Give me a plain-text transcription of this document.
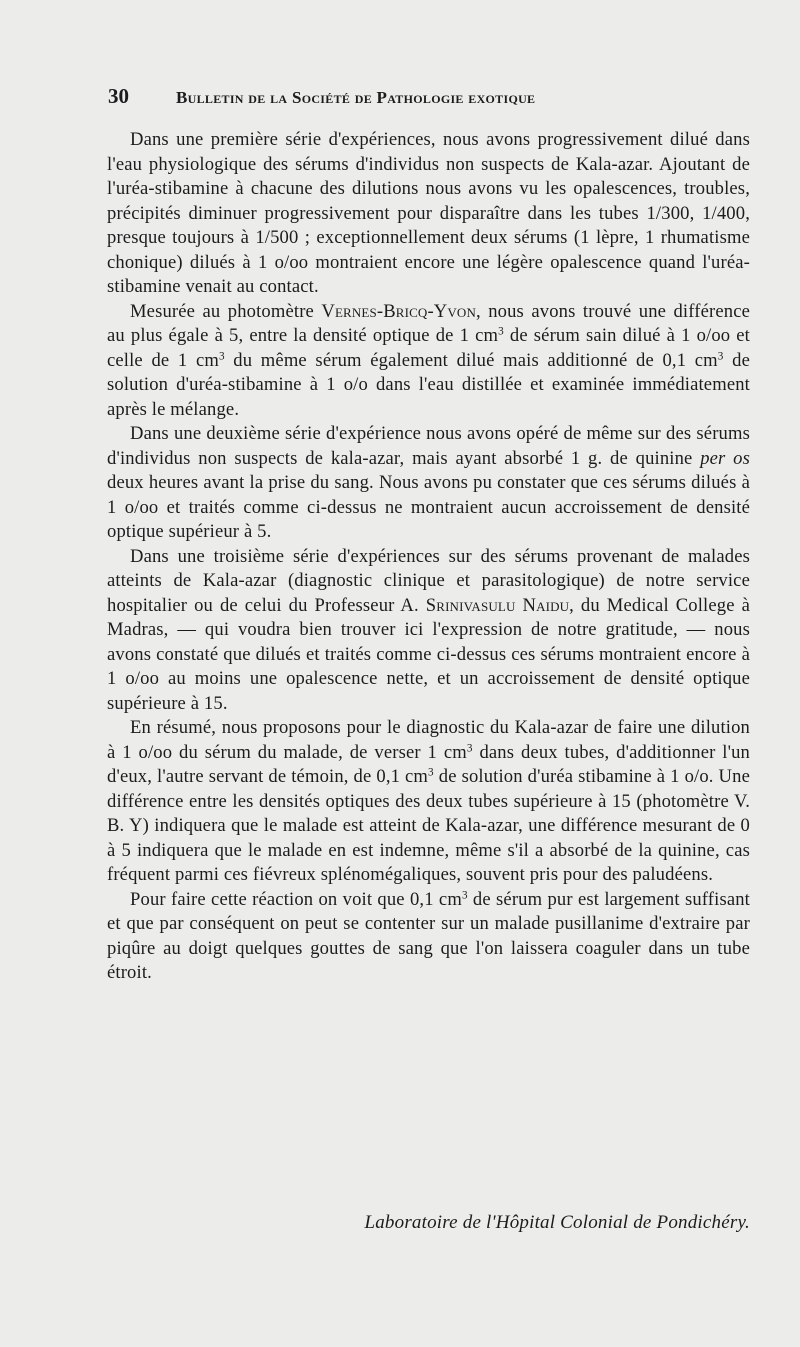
30	Bulletin de la Société de Pathologie exotique

Dans une première série d'expériences, nous avons progressivement dilué dans l'eau physiologique des sérums d'individus non suspects de Kala-azar. Ajoutant de l'uréa-stibamine à chacune des dilutions nous avons vu les opalescences, troubles, précipités diminuer progressivement pour disparaître dans les tubes 1/300, 1/400, presque toujours à 1/500 ; exceptionnellement deux sérums (1 lèpre, 1 rhumatisme chonique) dilués à 1 o/oo montraient encore une légère opalescence quand l'uréa-stibamine venait au contact.

Mesurée au photomètre Vernes-Bricq-Yvon, nous avons trouvé une différence au plus égale à 5, entre la densité optique de 1 $cm^3$ de sérum sain dilué à 1 o/oo et celle de 1 $cm^3$ du même sérum également dilué mais additionné de 0,1 $cm^3$ de solution d'uréa-stibamine à 1 o/o dans l'eau distillée et examinée immédiatement après le mélange.

Dans une deuxième série d'expérience nous avons opéré de même sur des sérums d'individus non suspects de kala-azar, mais ayant absorbé 1 g. de quinine per os deux heures avant la prise du sang. Nous avons pu constater que ces sérums dilués à 1 o/oo et traités comme ci-dessus ne montraient aucun accroissement de densité optique supérieur à 5.

Dans une troisième série d'expériences sur des sérums provenant de malades atteints de Kala-azar (diagnostic clinique et parasitologique) de notre service hospitalier ou de celui du Professeur A. Srinivasulu Naidu, du Medical College à Madras, — qui voudra bien trouver ici l'expression de notre gratitude, — nous avons constaté que dilués et traités comme ci-dessus ces sérums montraient encore à 1 o/oo au moins une opalescence nette, et un accroissement de densité optique supérieure à 15.

En résumé, nous proposons pour le diagnostic du Kala-azar de faire une dilution à 1 o/oo du sérum du malade, de verser 1 $cm^3$ dans deux tubes, d'additionner l'un d'eux, l'autre servant de témoin, de 0,1 $cm^3$ de solution d'uréa stibamine à 1 o/o. Une différence entre les densités optiques des deux tubes supérieure à 15 (photomètre V. B. Y) indiquera que le malade est atteint de Kala-azar, une différence mesurant de 0 à 5 indiquera que le malade en est indemne, même s'il a absorbé de la quinine, cas fréquent parmi ces fiévreux splénomégaliques, souvent pris pour des paludéens.

Pour faire cette réaction on voit que 0,1 $cm^3$ de sérum pur est largement suffisant et que par conséquent on peut se contenter sur un malade pusillanime d'extraire par piqûre au doigt quelques gouttes de sang que l'on laissera coaguler dans un tube étroit.

Laboratoire de l'Hôpital Colonial de Pondichéry.
